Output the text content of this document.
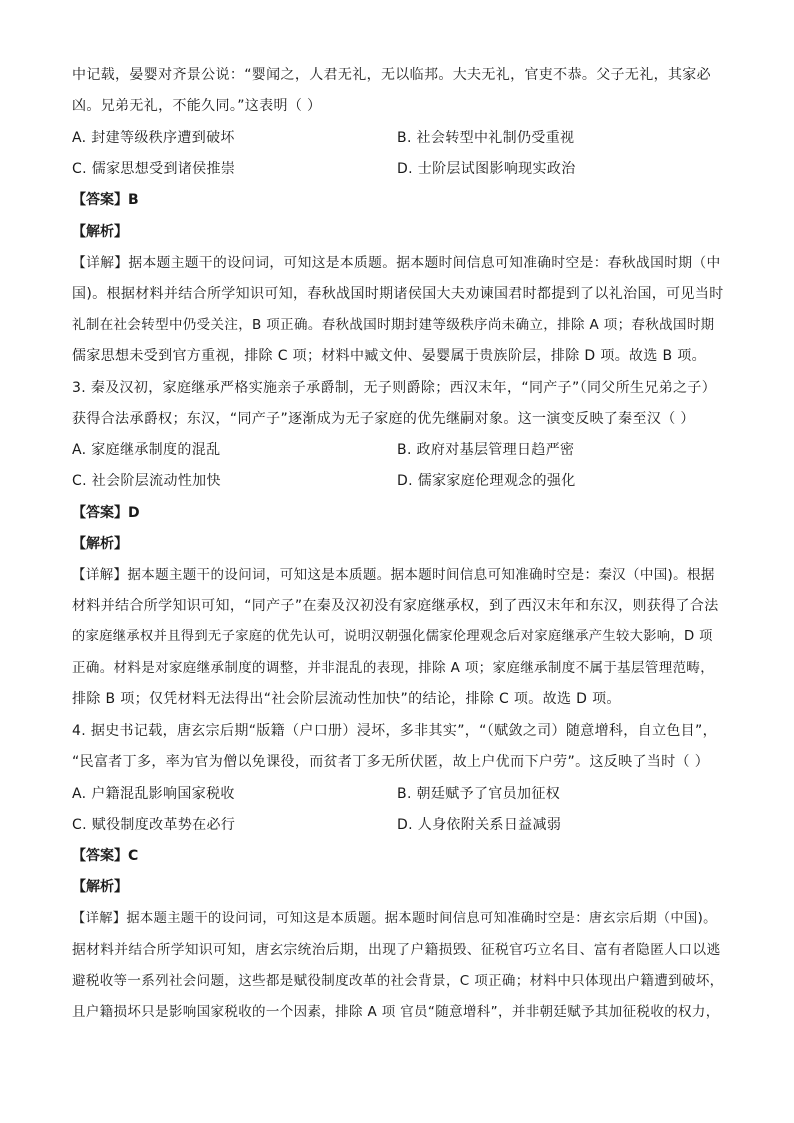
中记载，晏婴对齐景公说：“婴闻之，人君无礼，无以临邦。大夫无礼，官吏不恭。父子无礼，其家必
凶。兄弟无礼，不能久同。”这表明（ ）
A. 封建等级秩序遭到破坏	B. 社会转型中礼制仍受重视
C. 儒家思想受到诸侯推崇	D. 士阶层试图影响现实政治
【答案】B
【解析】
【详解】据本题主题干的设问词，可知这是本质题。据本题时间信息可知准确时空是：春秋战国时期（中
国)。根据材料并结合所学知识可知，春秋战国时期诸侯国大夫劝谏国君时都提到了以礼治国，可见当时
礼制在社会转型中仍受关注，B 项正确。春秋战国时期封建等级秩序尚未确立，排除 A 项；春秋战国时期
儒家思想未受到官方重视，排除 C 项；材料中臧文仲、晏婴属于贵族阶层，排除 D 项。故选 B 项。
3. 秦及汉初，家庭继承严格实施亲子承爵制，无子则爵除；西汉末年，“同产子”（同父所生兄弟之子）
获得合法承爵权；东汉，“同产子”逐渐成为无子家庭的优先继嗣对象。这一演变反映了秦至汉（ ）
A. 家庭继承制度的混乱	B. 政府对基层管理日趋严密
C. 社会阶层流动性加快	D. 儒家家庭伦理观念的强化
【答案】D
【解析】
【详解】据本题主题干的设问词，可知这是本质题。据本题时间信息可知准确时空是：秦汉（中国)。根据
材料并结合所学知识可知，“同产子”在秦及汉初没有家庭继承权，到了西汉末年和东汉，则获得了合法
的家庭继承权并且得到无子家庭的优先认可，说明汉朝强化儒家伦理观念后对家庭继承产生较大影响，D 项
正确。材料是对家庭继承制度的调整，并非混乱的表现，排除 A 项；家庭继承制度不属于基层管理范畴，
排除 B 项；仅凭材料无法得出“社会阶层流动性加快”的结论，排除 C 项。故选 D 项。
4. 据史书记载，唐玄宗后期“版籍（户口册）浸坏，多非其实”，“（赋敛之司）随意增科，自立色目”，
“民富者丁多，率为官为僧以免课役，而贫者丁多无所伏匿，故上户优而下户劳”。这反映了当时（ ）
A. 户籍混乱影响国家税收	B. 朝廷赋予了官员加征权
C. 赋役制度改革势在必行	D. 人身依附关系日益减弱
【答案】C
【解析】
【详解】据本题主题干的设问词，可知这是本质题。据本题时间信息可知准确时空是：唐玄宗后期（中国)。
据材料并结合所学知识可知，唐玄宗统治后期，出现了户籍损毁、征税官巧立名目、富有者隐匿人口以逃
避税收等一系列社会问题，这些都是赋役制度改革的社会背景，C 项正确；材料中只体现出户籍遭到破坏，
且户籍损坏只是影响国家税收的一个因素，排除 A 项 官员“随意增科”，并非朝廷赋予其加征税收的权力，
